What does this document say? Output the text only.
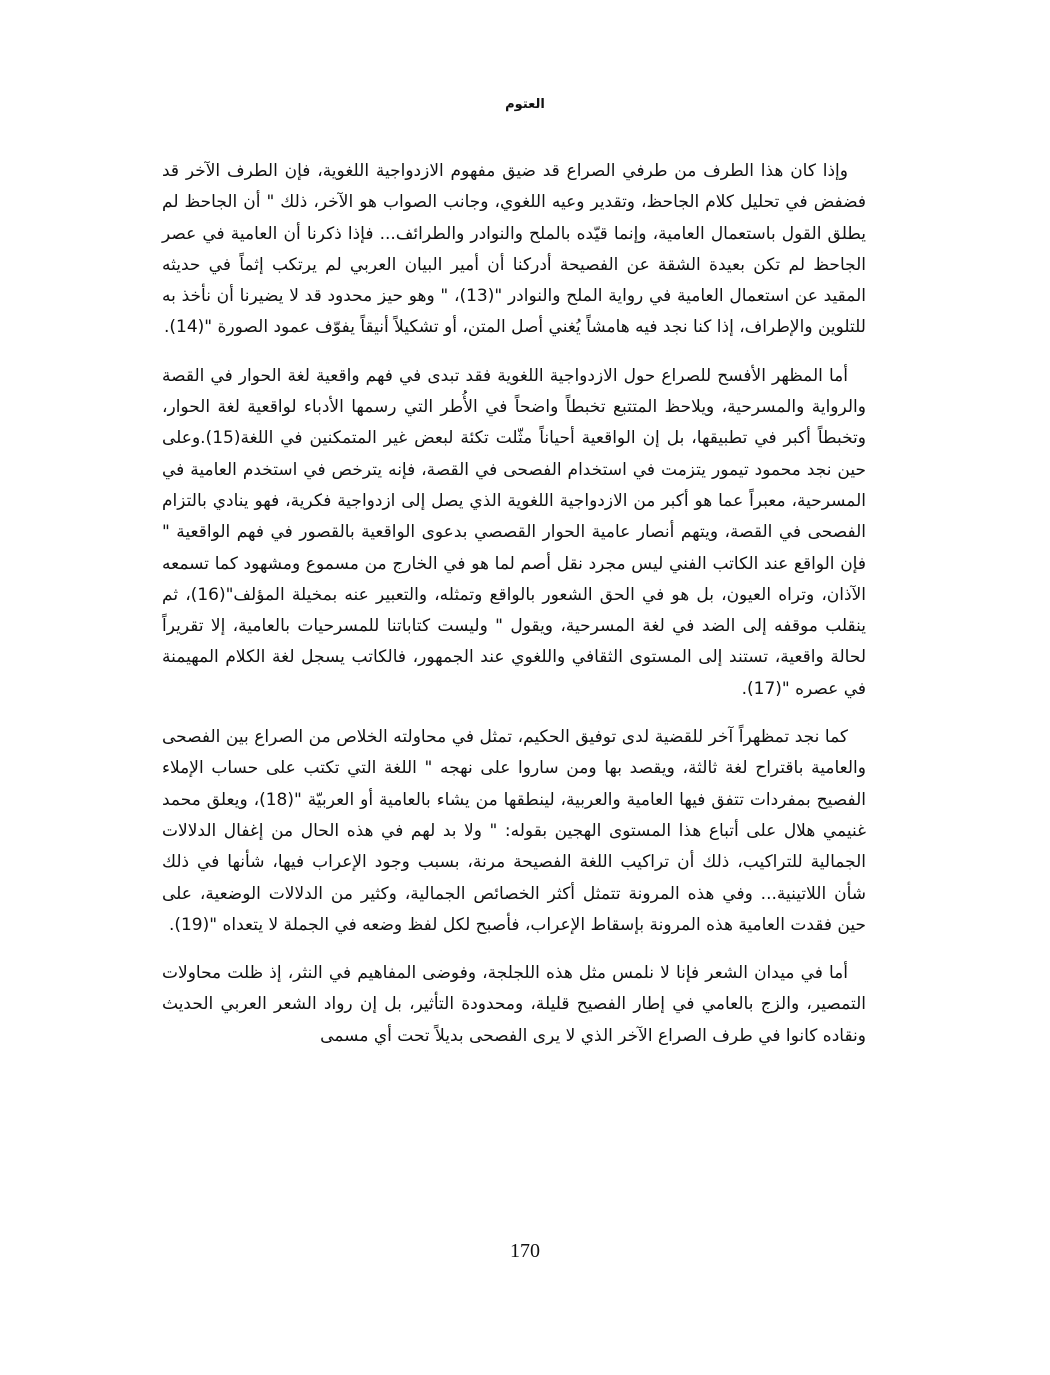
العتوم

وإذا كان هذا الطرف من طرفي الصراع قد ضيق مفهوم الازدواجية اللغوية، فإن الطرف الآخر قد فضفض في تحليل كلام الجاحظ، وتقدير وعيه اللغوي، وجانب الصواب هو الآخر، ذلك " أن الجاحظ لم يطلق القول باستعمال العامية، وإنما قيّده بالملح والنوادر والطرائف... فإذا ذكرنا أن العامية في عصر الجاحظ لم تكن بعيدة الشقة عن الفصيحة أدركنا أن أمير البيان العربي لم يرتكب إثماً في حديثه المقيد عن استعمال العامية في رواية الملح والنوادر "(13)، " وهو حيز محدود قد لا يضيرنا أن نأخذ به للتلوين والإطراف، إذا كنا نجد فيه هامشاً يُغني أصل المتن، أو تشكيلاً أنيقاً يفوّف عمود الصورة "(14).

أما المظهر الأفسح للصراع حول الازدواجية اللغوية فقد تبدى في فهم واقعية لغة الحوار في القصة والرواية والمسرحية، ويلاحظ المتتبع تخبطاً واضحاً في الأُطر التي رسمها الأدباء لواقعية لغة الحوار، وتخبطاً أكبر في تطبيقها، بل إن الواقعية أحياناً مثّلت تكئة لبعض غير المتمكنين في اللغة(15).وعلى حين نجد محمود تيمور يتزمت في استخدام الفصحى في القصة، فإنه يترخص في استخدم العامية في المسرحية، معبراً عما هو أكبر من الازدواجية اللغوية الذي يصل إلى ازدواجية فكرية، فهو ينادي بالتزام الفصحى في القصة، ويتهم أنصار عامية الحوار القصصي بدعوى الواقعية بالقصور في فهم الواقعية " فإن الواقع عند الكاتب الفني ليس مجرد نقل أصم لما هو في الخارج من مسموع ومشهود كما تسمعه الآذان، وتراه العيون، بل هو في الحق الشعور بالواقع وتمثله، والتعبير عنه بمخيلة المؤلف"(16)، ثم ينقلب موقفه إلى الضد في لغة المسرحية، ويقول " وليست كتاباتنا للمسرحيات بالعامية، إلا تقريراً لحالة واقعية، تستند إلى المستوى الثقافي واللغوي عند الجمهور، فالكاتب يسجل لغة الكلام المهيمنة في عصره "(17).

كما نجد تمظهراً آخر للقضية لدى توفيق الحكيم، تمثل في محاولته الخلاص من الصراع بين الفصحى والعامية باقتراح لغة ثالثة، ويقصد بها ومن ساروا على نهجه " اللغة التي تكتب على حساب الإملاء الفصيح بمفردات تتفق فيها العامية والعربية، لينطقها من يشاء بالعامية أو العربيّة "(18)، ويعلق محمد غنيمي هلال على أتباع هذا المستوى الهجين بقوله: " ولا بد لهم في هذه الحال من إغفال الدلالات الجمالية للتراكيب، ذلك أن تراكيب اللغة الفصيحة مرنة، بسبب وجود الإعراب فيها، شأنها في ذلك شأن اللاتينية... وفي هذه المرونة تتمثل أكثر الخصائص الجمالية، وكثير من الدلالات الوضعية، على حين فقدت العامية هذه المرونة بإسقاط الإعراب، فأصبح لكل لفظ وضعه في الجملة لا يتعداه "(19).

أما في ميدان الشعر فإنا لا نلمس مثل هذه اللجلجة، وفوضى المفاهيم في النثر، إذ ظلت محاولات التمصير، والزج بالعامي في إطار الفصيح قليلة، ومحدودة التأثير، بل إن رواد الشعر العربي الحديث ونقاده كانوا في طرف الصراع الآخر الذي لا يرى الفصحى بديلاً تحت أي مسمى

170
